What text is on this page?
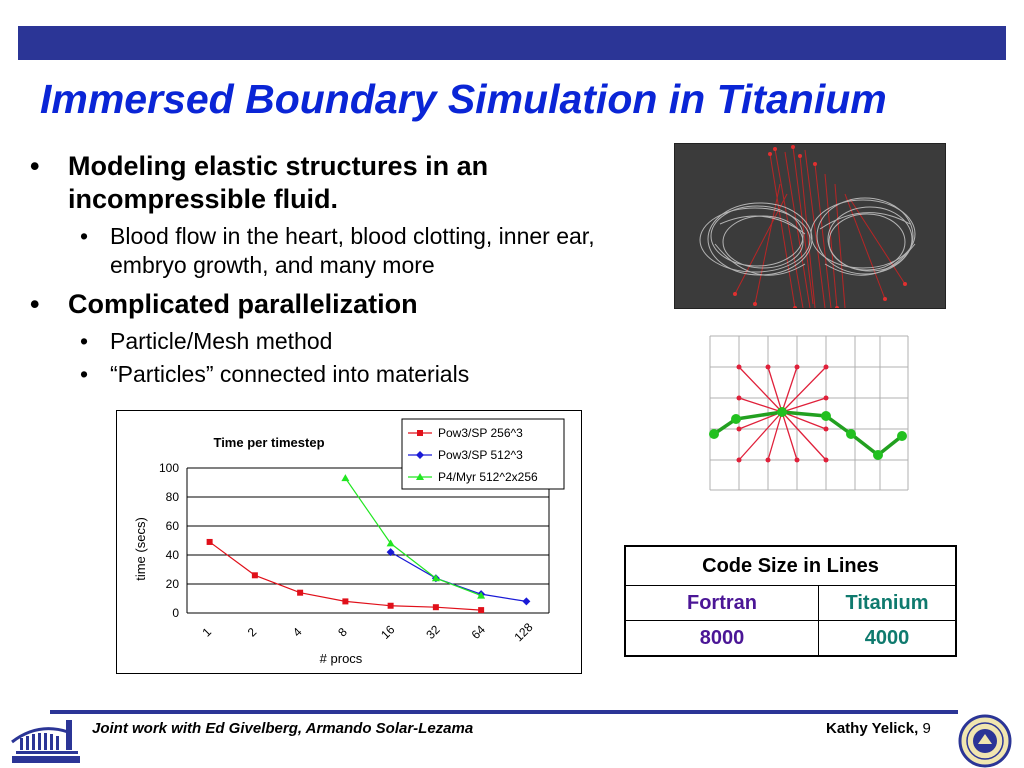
Immersed Boundary Simulation in Titanium
• Modeling elastic structures in an incompressible fluid.
• Blood flow in the heart, blood clotting, inner ear, embryo growth, and many more
• Complicated parallelization
• Particle/Mesh method
• “Particles” connected into materials
Time per timestep
0
20
40
60
80
100
1	2	4	8 16 32 64 128
time (secs)
# procs
Pow3/SP 256^3
Pow3/SP 512^3
P4/Myr 512^2x256
Code Size in Lines	
Fortran	Titanium
8000	4000
Joint work with Ed Givelberg, Armando Solar-Lezama	Kathy Yelick, 9
